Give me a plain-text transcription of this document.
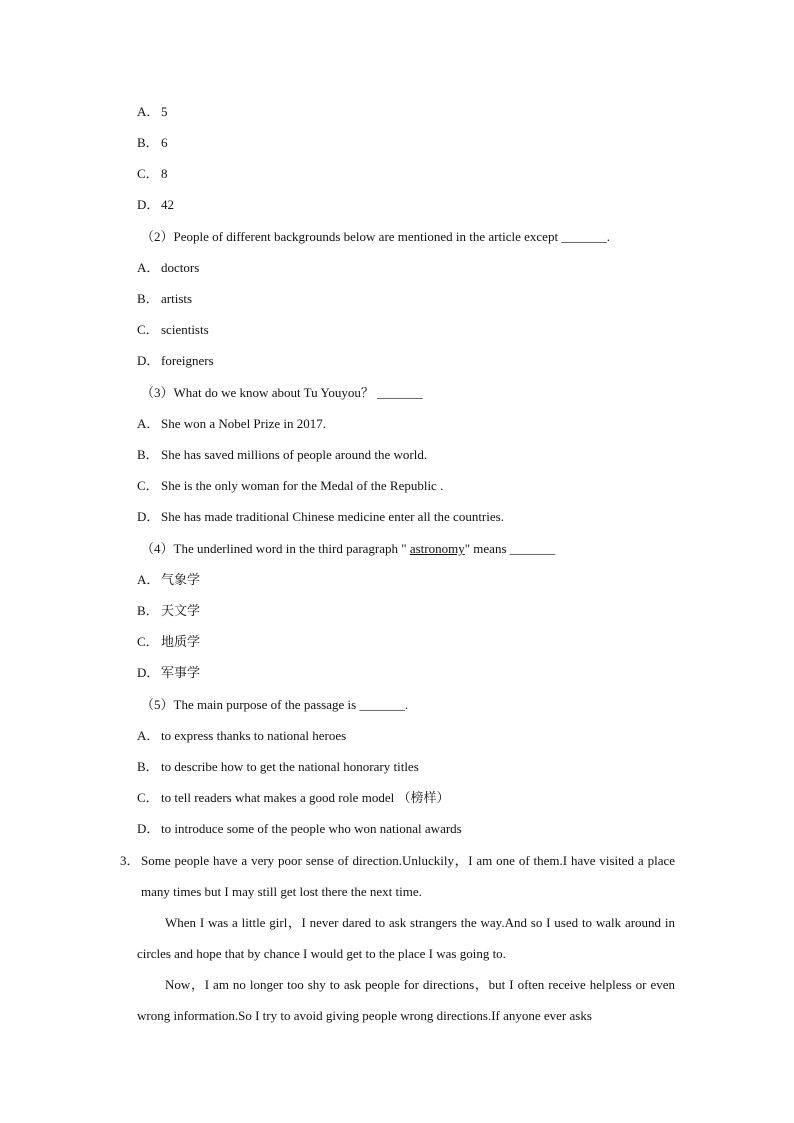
A． 5
B． 6
C． 8
D． 42
（2）People of different backgrounds below are mentioned in the article except _______.
A． doctors
B． artists
C． scientists
D． foreigners
（3）What do we know about Tu Youyou？ _______
A． She won a Nobel Prize in 2017.
B． She has saved millions of people around the world.
C． She is the only woman for the Medal of the Republic .
D． She has made traditional Chinese medicine enter all the countries.
（4）The underlined word in the third paragraph " astronomy" means _______
A． 气象学
B． 天文学
C． 地质学
D． 军事学
（5）The main purpose of the passage is _______.
A． to express thanks to national heroes
B． to describe how to get the national honorary titles
C． to tell readers what makes a good role model （榜样）
D． to introduce some of the people who won national awards
3． Some people have a very poor sense of direction.Unluckily，I am one of them.I have visited a place many times but I may still get lost there the next time.
When I was a little girl，I never dared to ask strangers the way.And so I used to walk around in circles and hope that by chance I would get to the place I was going to.
Now，I am no longer too shy to ask people for directions，but I often receive helpless or even wrong information.So I try to avoid giving people wrong directions.If anyone ever asks
